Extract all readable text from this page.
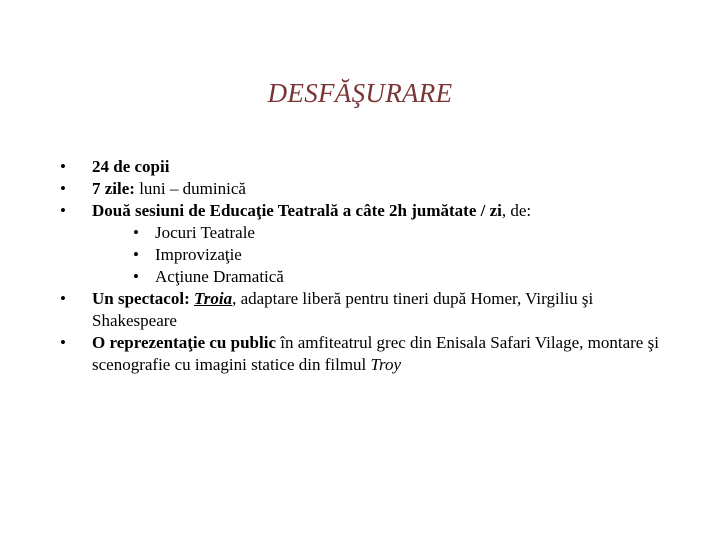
DESFĂŞURARE
• 24 de copii
• 7 zile: luni – duminică
• Două sesiuni de Educaţie Teatrală a câte 2h jumătate / zi, de:
• Jocuri Teatrale
• Improvizaţie
• Acţiune Dramatică
• Un spectacol: Troia, adaptare liberă pentru tineri după Homer, Virgiliu şi Shakespeare
• O reprezentaţie cu public în amfiteatrul grec din Enisala Safari Vilage, montare şi scenografie cu imagini statice din filmul Troy
